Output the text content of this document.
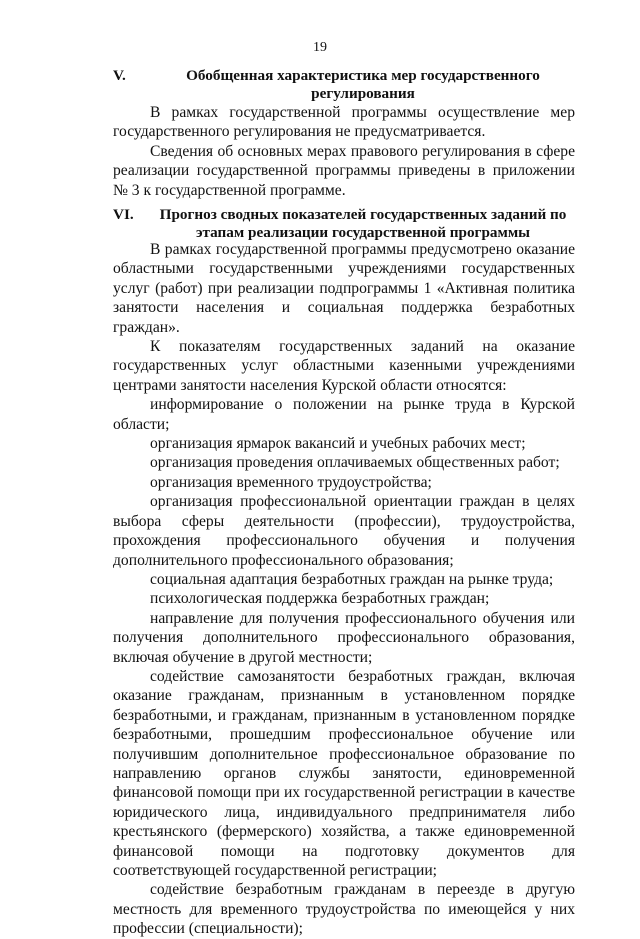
19
V.	Обобщенная характеристика мер государственного регулирования

В рамках государственной программы осуществление мер государственного регулирования не предусматривается.

Сведения об основных мерах правового регулирования в сфере реализации государственной программы приведены в приложении № 3 к государственной программе.

VI.	Прогноз сводных показателей государственных заданий по этапам реализации государственной программы

В рамках государственной программы предусмотрено оказание областными государственными учреждениями государственных услуг (работ) при реализации подпрограммы 1 «Активная политика занятости населения и социальная поддержка безработных граждан».

К показателям государственных заданий на оказание государственных услуг областными казенными учреждениями центрами занятости населения Курской области относятся:

информирование о положении на рынке труда в Курской области;

организация ярмарок вакансий и учебных рабочих мест;

организация проведения оплачиваемых общественных работ;

организация временного трудоустройства;

организация профессиональной ориентации граждан в целях выбора сферы деятельности (профессии), трудоустройства, прохождения профессионального обучения и получения дополнительного профессионального образования;

социальная адаптация безработных граждан на рынке труда;

психологическая поддержка безработных граждан;

направление для получения профессионального обучения или получения дополнительного профессионального образования, включая обучение в другой местности;

содействие самозанятости безработных граждан, включая оказание гражданам, признанным в установленном порядке безработными, и гражданам, признанным в установленном порядке безработными, прошедшим профессиональное обучение или получившим дополнительное профессиональное образование по направлению органов службы занятости, единовременной финансовой помощи при их государственной регистрации в качестве юридического лица, индивидуального предпринимателя либо крестьянского (фермерского) хозяйства, а также единовременной финансовой помощи на подготовку документов для соответствующей государственной регистрации;

содействие безработным гражданам в переезде в другую местность для временного трудоустройства по имеющейся у них профессии (специальности);
